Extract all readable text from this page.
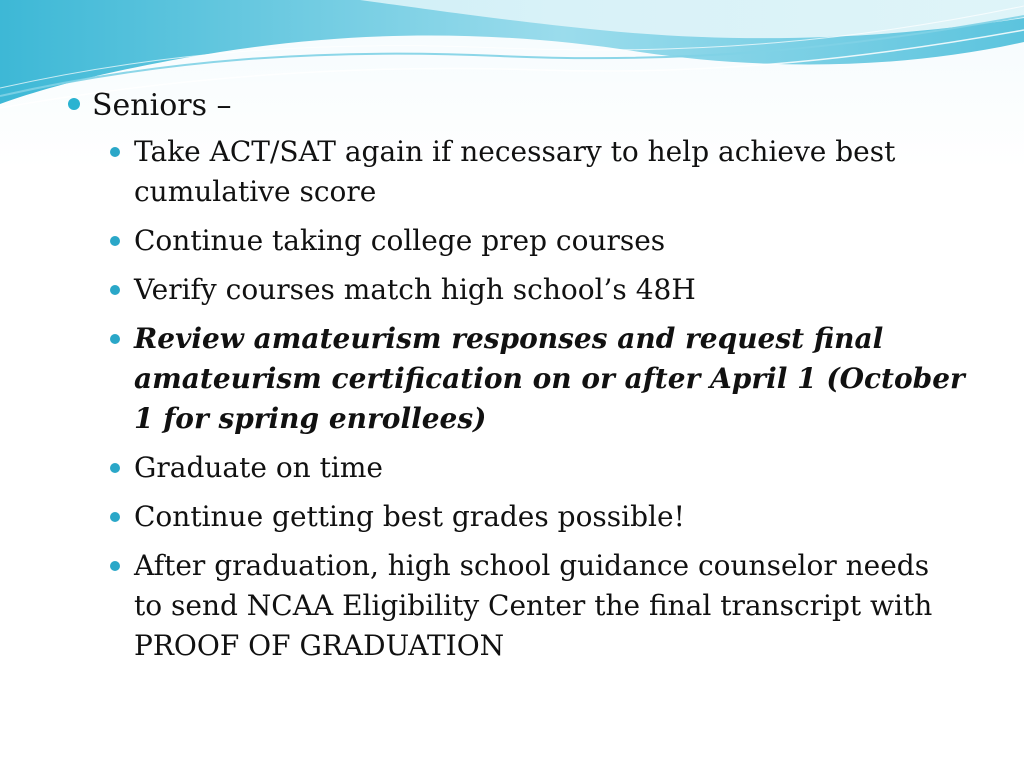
Seniors –
Take ACT/SAT again if necessary to help achieve best cumulative score
Continue taking college prep courses
Verify courses match high school’s 48H
Review amateurism responses and request final amateurism certification on or after April 1 (October 1 for spring enrollees)
Graduate on time
Continue getting best grades possible!
After graduation, high school guidance counselor needs to send NCAA Eligibility Center the final transcript with PROOF OF GRADUATION
